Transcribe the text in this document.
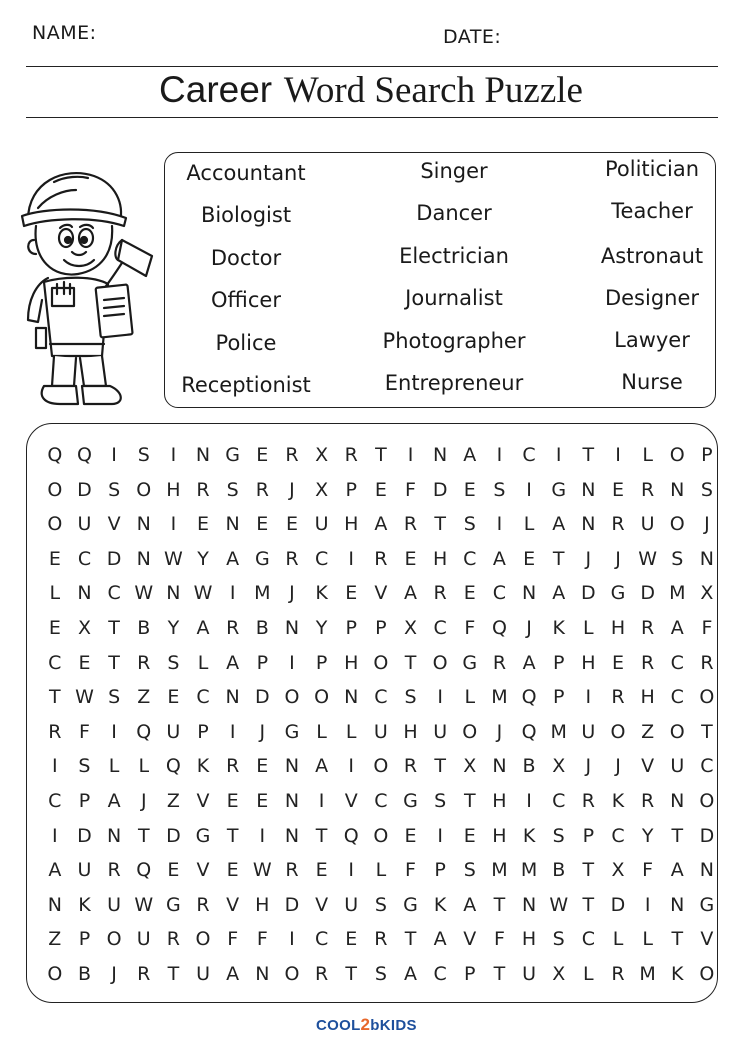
NAME:	DATE:
Career Word Search Puzzle
Accountant
Biologist
Doctor
Officer
Police
Receptionist
Singer
Dancer
Electrician
Journalist
Photographer
Entrepreneur
Politician
Teacher
Astronaut
Designer
Lawyer
Nurse
Q Q	I	S	I	N G E R X R T	I	N A	I	C	I	T	I	L O P
O D S O H R S R	J	X P E F D E S	I	G N E R N S
O U V N	I	E N E E U H A R T S	I	L A N R U O	J
E C D N W Y A G R C	I	R E H C A E T	J	J W S N
L N C W N W I M J	K E V A R E C N A D G D M X
E X T B Y A R B N Y P P X C F Q	J	K L H R A F
C E T R S L A P	I	P H O T O G R A P H E R C R
T W S Z E C N D O O N C S	I	L M Q P	I	R H C O
R F	I	Q U P	I	J	G L	L U H U O	J	Q M U O Z O T
I	S L	L Q K R E N A	I	O R T X N B X	J	J	V U C
C P A	J	Z V E E N	I	V C G S T H	I	C R K R N O
I	D N T D G T	I	N T Q O E	I	E H K S P C Y T D
A U R Q E V E W R E	I	L F P S M M B T X F A N
N K U W G R V H D V U S G K A T N W T D	I	N G
Z P O U R O F F	I	C E R T A V F H S C L	L T V
O B	J	R T U A N O R T S A C P T U X L R M K O
COOL2bKIDS
